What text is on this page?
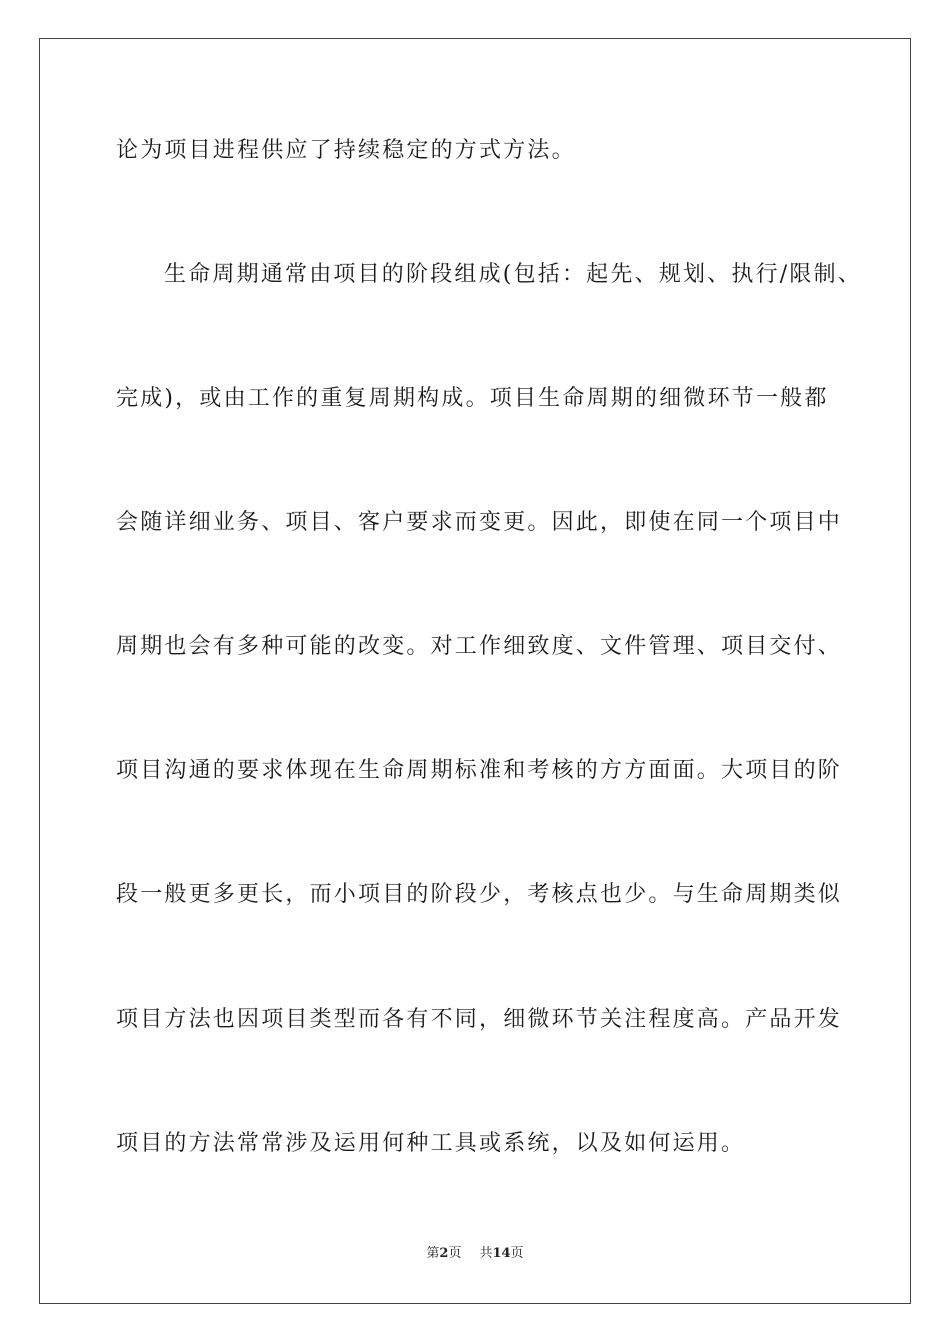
论为项目进程供应了持续稳定的方式方法。
生命周期通常由项目的阶段组成(包括：起先、规划、执行/限制、
完成)，或由工作的重复周期构成。项目生命周期的细微环节一般都
会随详细业务、项目、客户要求而变更。因此，即使在同一个项目中
周期也会有多种可能的改变。对工作细致度、文件管理、项目交付、
项目沟通的要求体现在生命周期标准和考核的方方面面。大项目的阶
段一般更多更长，而小项目的阶段少，考核点也少。与生命周期类似
项目方法也因项目类型而各有不同，细微环节关注程度高。产品开发
项目的方法常常涉及运用何种工具或系统，以及如何运用。
第2页 共14页
